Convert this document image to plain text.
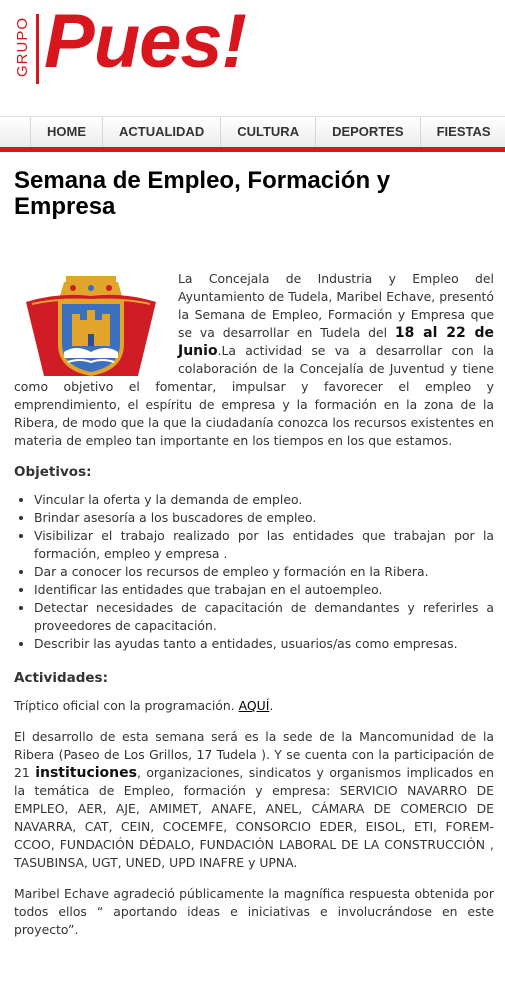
GRUPO Pues!
HOME	ACTUALIDAD	CULTURA	DEPORTES	FIESTAS
Semana de Empleo, Formación y Empresa

La Concejala de Industria y Empleo del Ayuntamiento de Tudela, Maribel Echave, presentó la Semana de Empleo, Formación y Empresa que se va desarrollar en Tudela del 18 al 22 de Junio.La actividad se va a desarrollar con la colaboración de la Concejalía de Juventud y tiene como objetivo el fomentar, impulsar y favorecer el empleo y emprendimiento, el espíritu de empresa y la formación en la zona de la Ribera, de modo que la que la ciudadanía conozca los recursos existentes en materia de empleo tan importante en los tiempos en los que estamos.

Objetivos:
• Vincular la oferta y la demanda de empleo.
• Brindar asesoría a los buscadores de empleo.
• Visibilizar el trabajo realizado por las entidades que trabajan por la formación, empleo y empresa .
• Dar a conocer los recursos de empleo y formación en la Ribera.
• Identificar las entidades que trabajan en el autoempleo.
• Detectar necesidades de capacitación de demandantes y referirles a proveedores de capacitación.
• Describir las ayudas tanto a entidades, usuarios/as como empresas.
Actividades:

Tríptico oficial con la programación. AQUÍ.

El desarrollo de esta semana será es la sede de la Mancomunidad de la Ribera (Paseo de Los Grillos, 17 Tudela ). Y se cuenta con la participación de 21 instituciones, organizaciones, sindicatos y organismos implicados en la temática de Empleo, formación y empresa: SERVICIO NAVARRO DE EMPLEO, AER, AJE, AMIMET, ANAFE, ANEL, CÁMARA DE COMERCIO DE NAVARRA, CAT, CEIN, COCEMFE, CONSORCIO EDER, EISOL, ETI, FOREM-CCOO, FUNDACIÓN DÉDALO, FUNDACIÓN LABORAL DE LA CONSTRUCCIÓN , TASUBINSA, UGT, UNED, UPD INAFRE y UPNA.

Maribel Echave agradeció públicamente la magnífica respuesta obtenida por todos ellos “ aportando ideas e iniciativas e involucrándose en este proyecto”.
